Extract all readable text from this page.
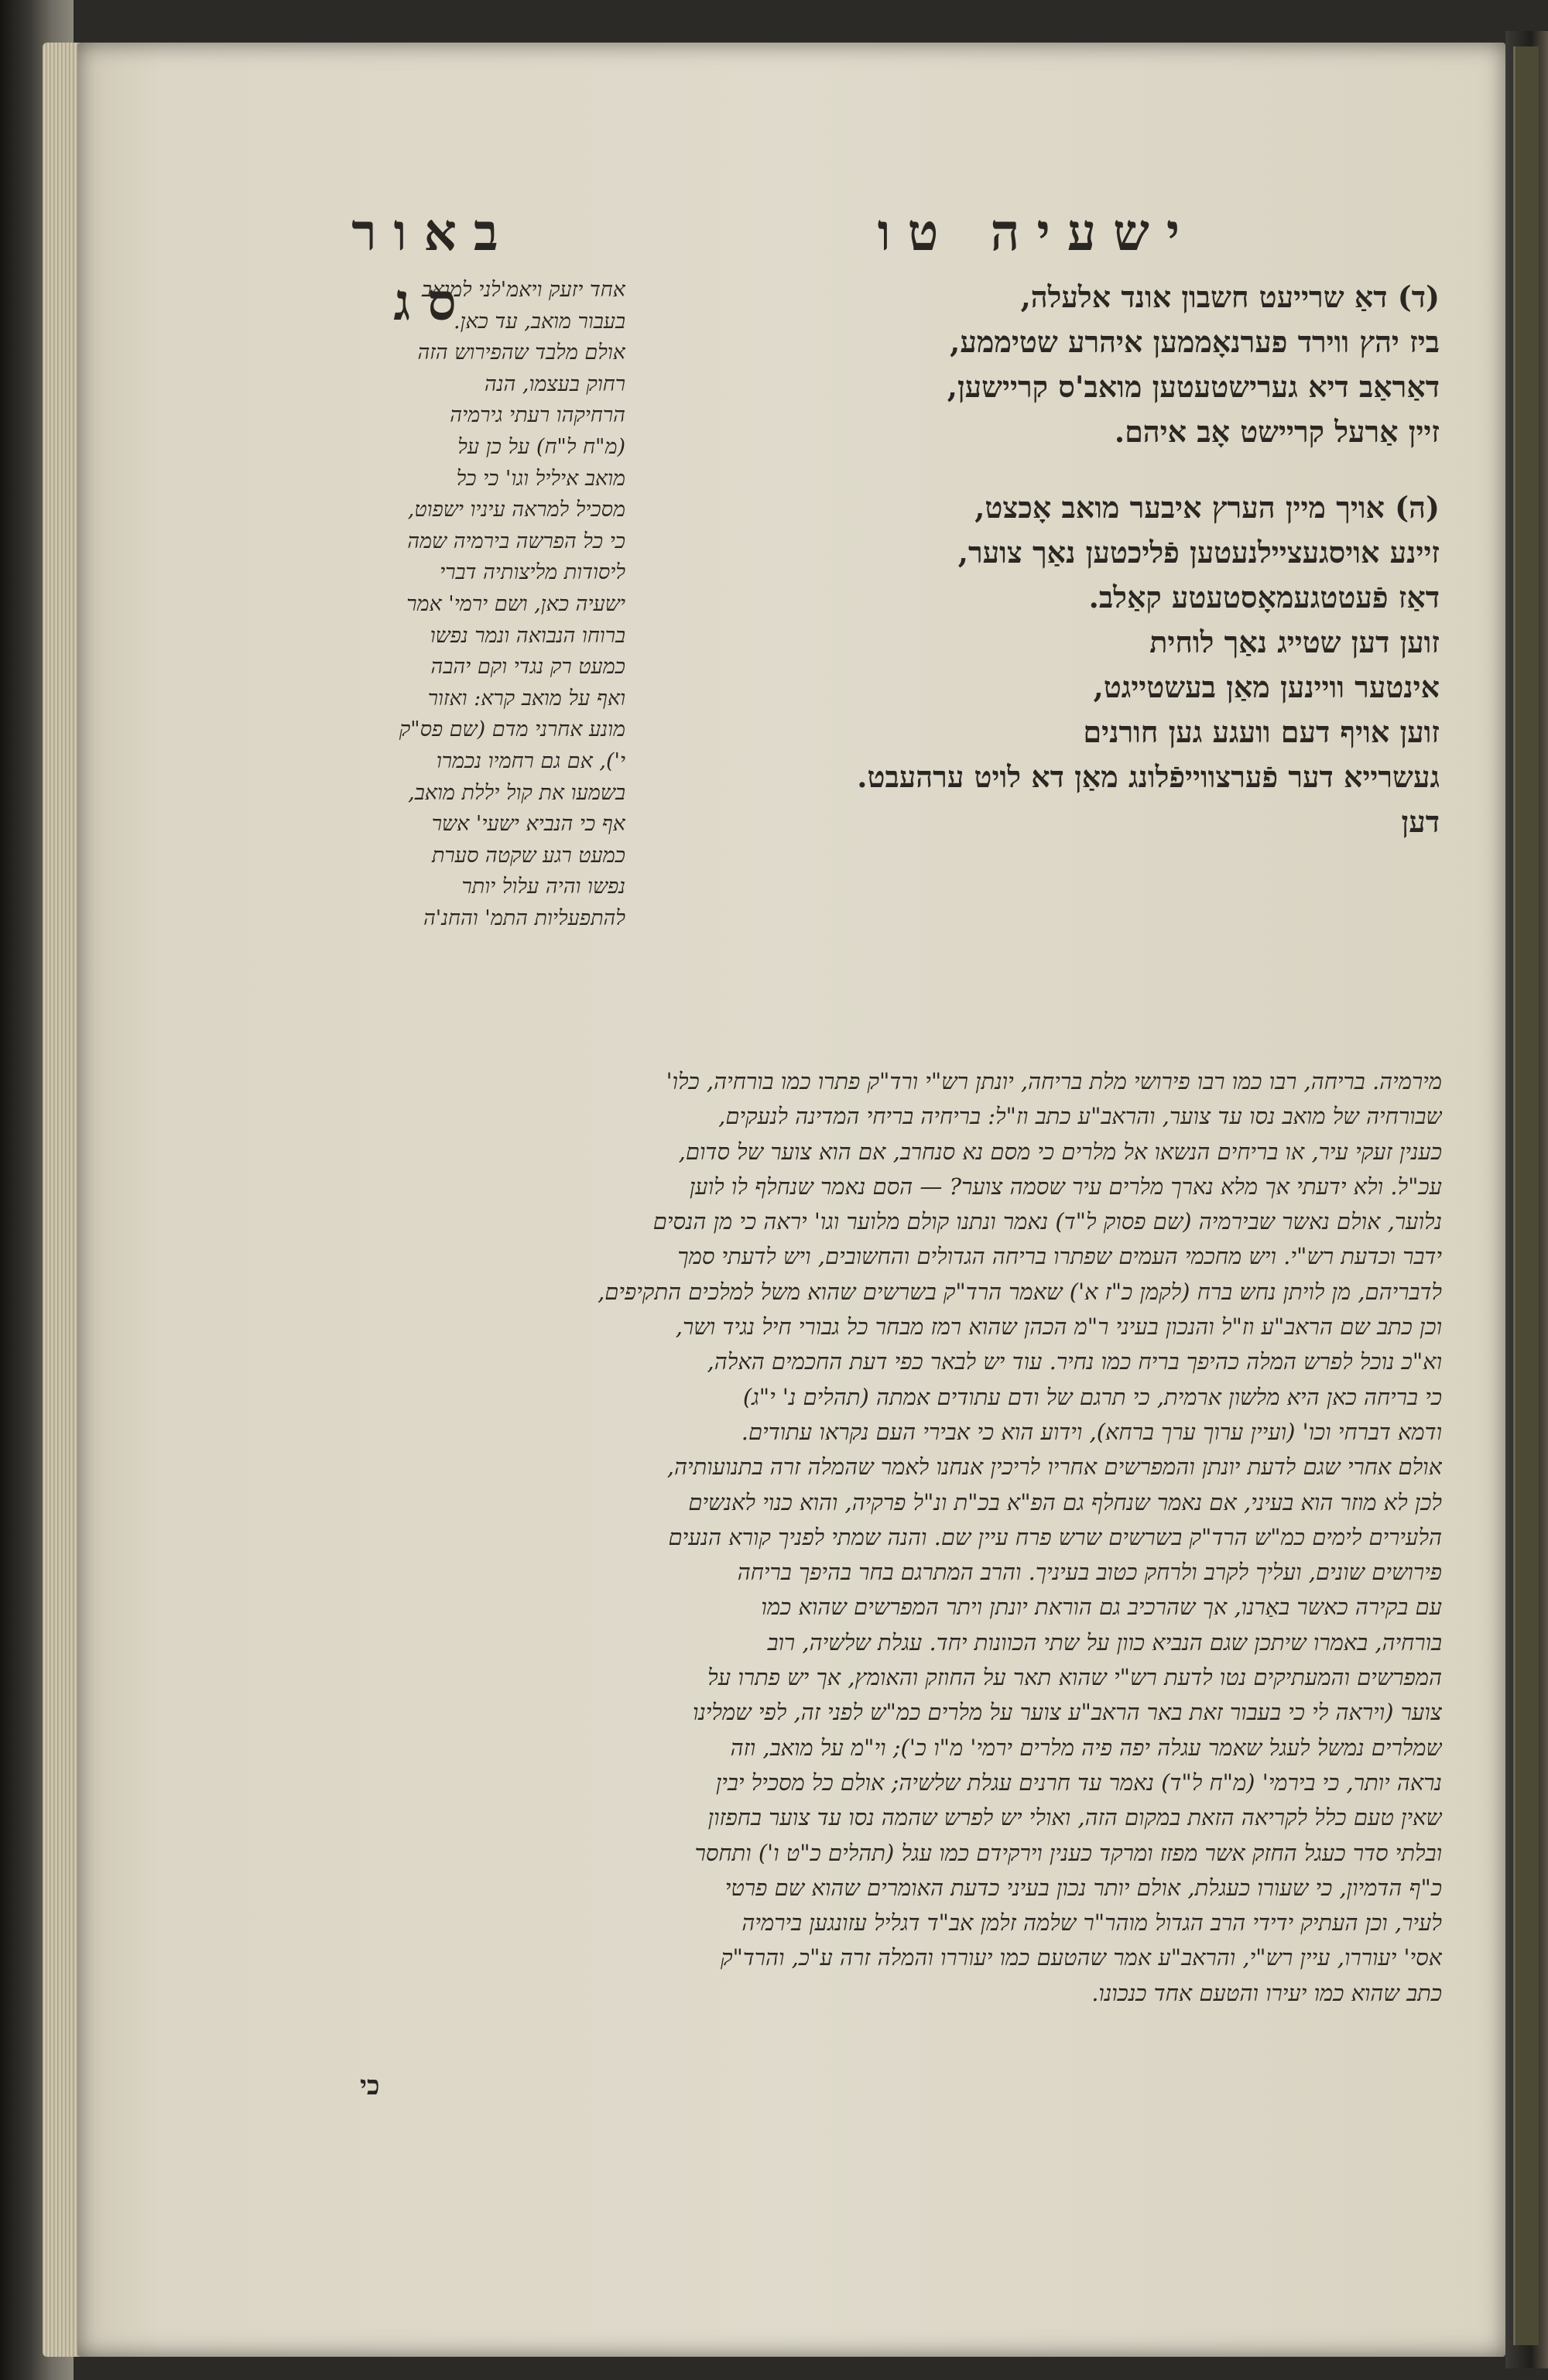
ישעיה טו
באור סג	(ד) דאַ שרייעט חשבון אונד אלעלה,
ביז יהץ ווירד פערנאָממען איהרע שטיממע,
דאַראַב דיא גערישטעטען מואב'ס קריישען,
זיין אַרעל קריישט אָב איהם.
(ה) אויך מיין הערץ איבער מואב אָכצט,
זיינע אויסגעציילנעטען פֿליכטען נאַך צוער,
דאַז פֿעטטגעמאָסטעטע קאַלב.
זוען דען שטייג נאַך לוחית
אינטער וויינען מאַן בעשטייגט,
זוען אויף דעם וועגע גען חורנים
געשרייא דער פֿערצווייפֿלונג מאַן דא לויט ערהעבט.
דען
אחד יזעק ויאמ'לני למואב
בעבור מואב, עד כאן.
אולם מלבד שהפירוש הזה
רחוק בעצמו, הנה
הרחיקהו רעתי גירמיה
(מ"ח ל"ח) על כן על
מואב איליל וגו' כי כל
מסכיל למראה עיניו ישפוט,
כי כל הפרשה בירמיה שמה
ליסודות מליצותיה דברי
ישעיה כאן, ושם ירמי' אמר
ברוחו הנבואה ונמר נפשו
כמעט רק נגדי וקם יהבה
ואף על מואב קרא: ואזור
מונע אחרני מדם (שם פס"ק
י'), אם גם רחמיו נכמרו
בשמעו את קול יללת מואב,
אף כי הנביא ישעי' אשר
כמעט רגע שקטה סערת
נפשו והיה עלול יותר
להתפעליות התמ' והחנ'ה
מירמיה. בריחה, רבו כמו רבו פירושי מלת בריחה, יונתן רש"י ורד"ק פתרו כמו בורחיה, כלו'
שבורחיה של מואב נסו עד צוער, והראב"ע כתב וז"ל: בריחיה בריחי המדינה לנעקים,
כענין זעקי עיר, או בריחים הנשאו אל מלרים כי מסם נא סנחרב, אם הוא צוער של סדום,
עכ"ל. ולא ידעתי אך מלא נארך מלרים עיר שסמה צוער? — הסם נאמר שנחלף לו לוען
נלוער, אולם נאשר שבירמיה (שם פסוק ל"ד) נאמר ונתנו קולם מלוער וגו' יראה כי מן הנסים
ידבר וכדעת רש"י. ויש מחכמי העמים שפתרו בריחה הגדולים והחשובים, ויש לדעתי סמך
לדבריהם, מן לויתן נחש ברח (לקמן כ"ז א') שאמר הרד"ק בשרשים שהוא משל למלכים התקיפים,
וכן כתב שם הראב"ע וז"ל והנכון בעיני ר"מ הכהן שהוא רמז מבחר כל גבורי חיל נגיד ושר,
וא"כ נוכל לפרש המלה כהיפך בריח כמו נחיר. עוד יש לבאר כפי דעת החכמים האלה,
כי בריחה כאן היא מלשון ארמית, כי תרגם של ודם עתודים אמתה (תהלים נ' י"ג)
ודמא דברחי וכו' (ועיין ערוך ערך ברחא), וידוע הוא כי אבירי העם נקראו עתודים.
אולם אחרי שגם לדעת יונתן והמפרשים אחריו לריכין אנחנו לאמר שהמלה זרה בתנועותיה,
לכן לא מוזר הוא בעיני, אם נאמר שנחלף גם הפ"א בכ"ת ונ"ל פרקיה, והוא כנוי לאנשים
הלעירים לימים כמ"ש הרד"ק בשרשים שרש פרח עיין שם. והנה שמתי לפניך קורא הנעים
פירושים שונים, ועליך לקרב ולרחק כטוב בעיניך. והרב המתרגם בחר בהיפך בריחה
עם בקירה כאשר באַרנו, אך שהרכיב גם הוראת יונתן ויתר המפרשים שהוא כמו
בורחיה, באמרו שיתכן שגם הנביא כוון על שתי הכוונות יחד. עגלת שלשיה, רוב
המפרשים והמעתיקים נטו לדעת רש"י שהוא תאר על החוזק והאומץ, אך יש פתרו על
צוער (ויראה לי כי בעבור זאת באר הראב"ע צוער על מלרים כמ"ש לפני זה, לפי שמלינו
שמלרים נמשל לעגל שאמר עגלה יפה פיה מלרים ירמי' מ"ו כ'); וי"מ על מואב, וזה
נראה יותר, כי בירמי' (מ"ח ל"ד) נאמר עד חרנים עגלת שלשיה; אולם כל מסכיל יבין
שאין טעם כלל לקריאה הזאת במקום הזה, ואולי יש לפרש שהמה נסו עד צוער בחפזון
ובלתי סדר כעגל החזק אשר מפזז ומרקד כענין וירקידם כמו עגל (תהלים כ"ט ו') ותחסר
כ"ף הדמיון, כי שעורו כעגלת, אולם יותר נכון בעיני כדעת האומרים שהוא שם פרטי
לעיר, וכן העתיק ידידי הרב הגדול מוהר"ר שלמה זלמן אב"ד דגליל עזונגען בירמיה
אסי' יעוררו, עיין רש"י, והראב"ע אמר שהטעם כמו יעוררו והמלה זרה ע"כ, והרד"ק
כתב שהוא כמו יעירו והטעם אחד כנכונו.
כי
